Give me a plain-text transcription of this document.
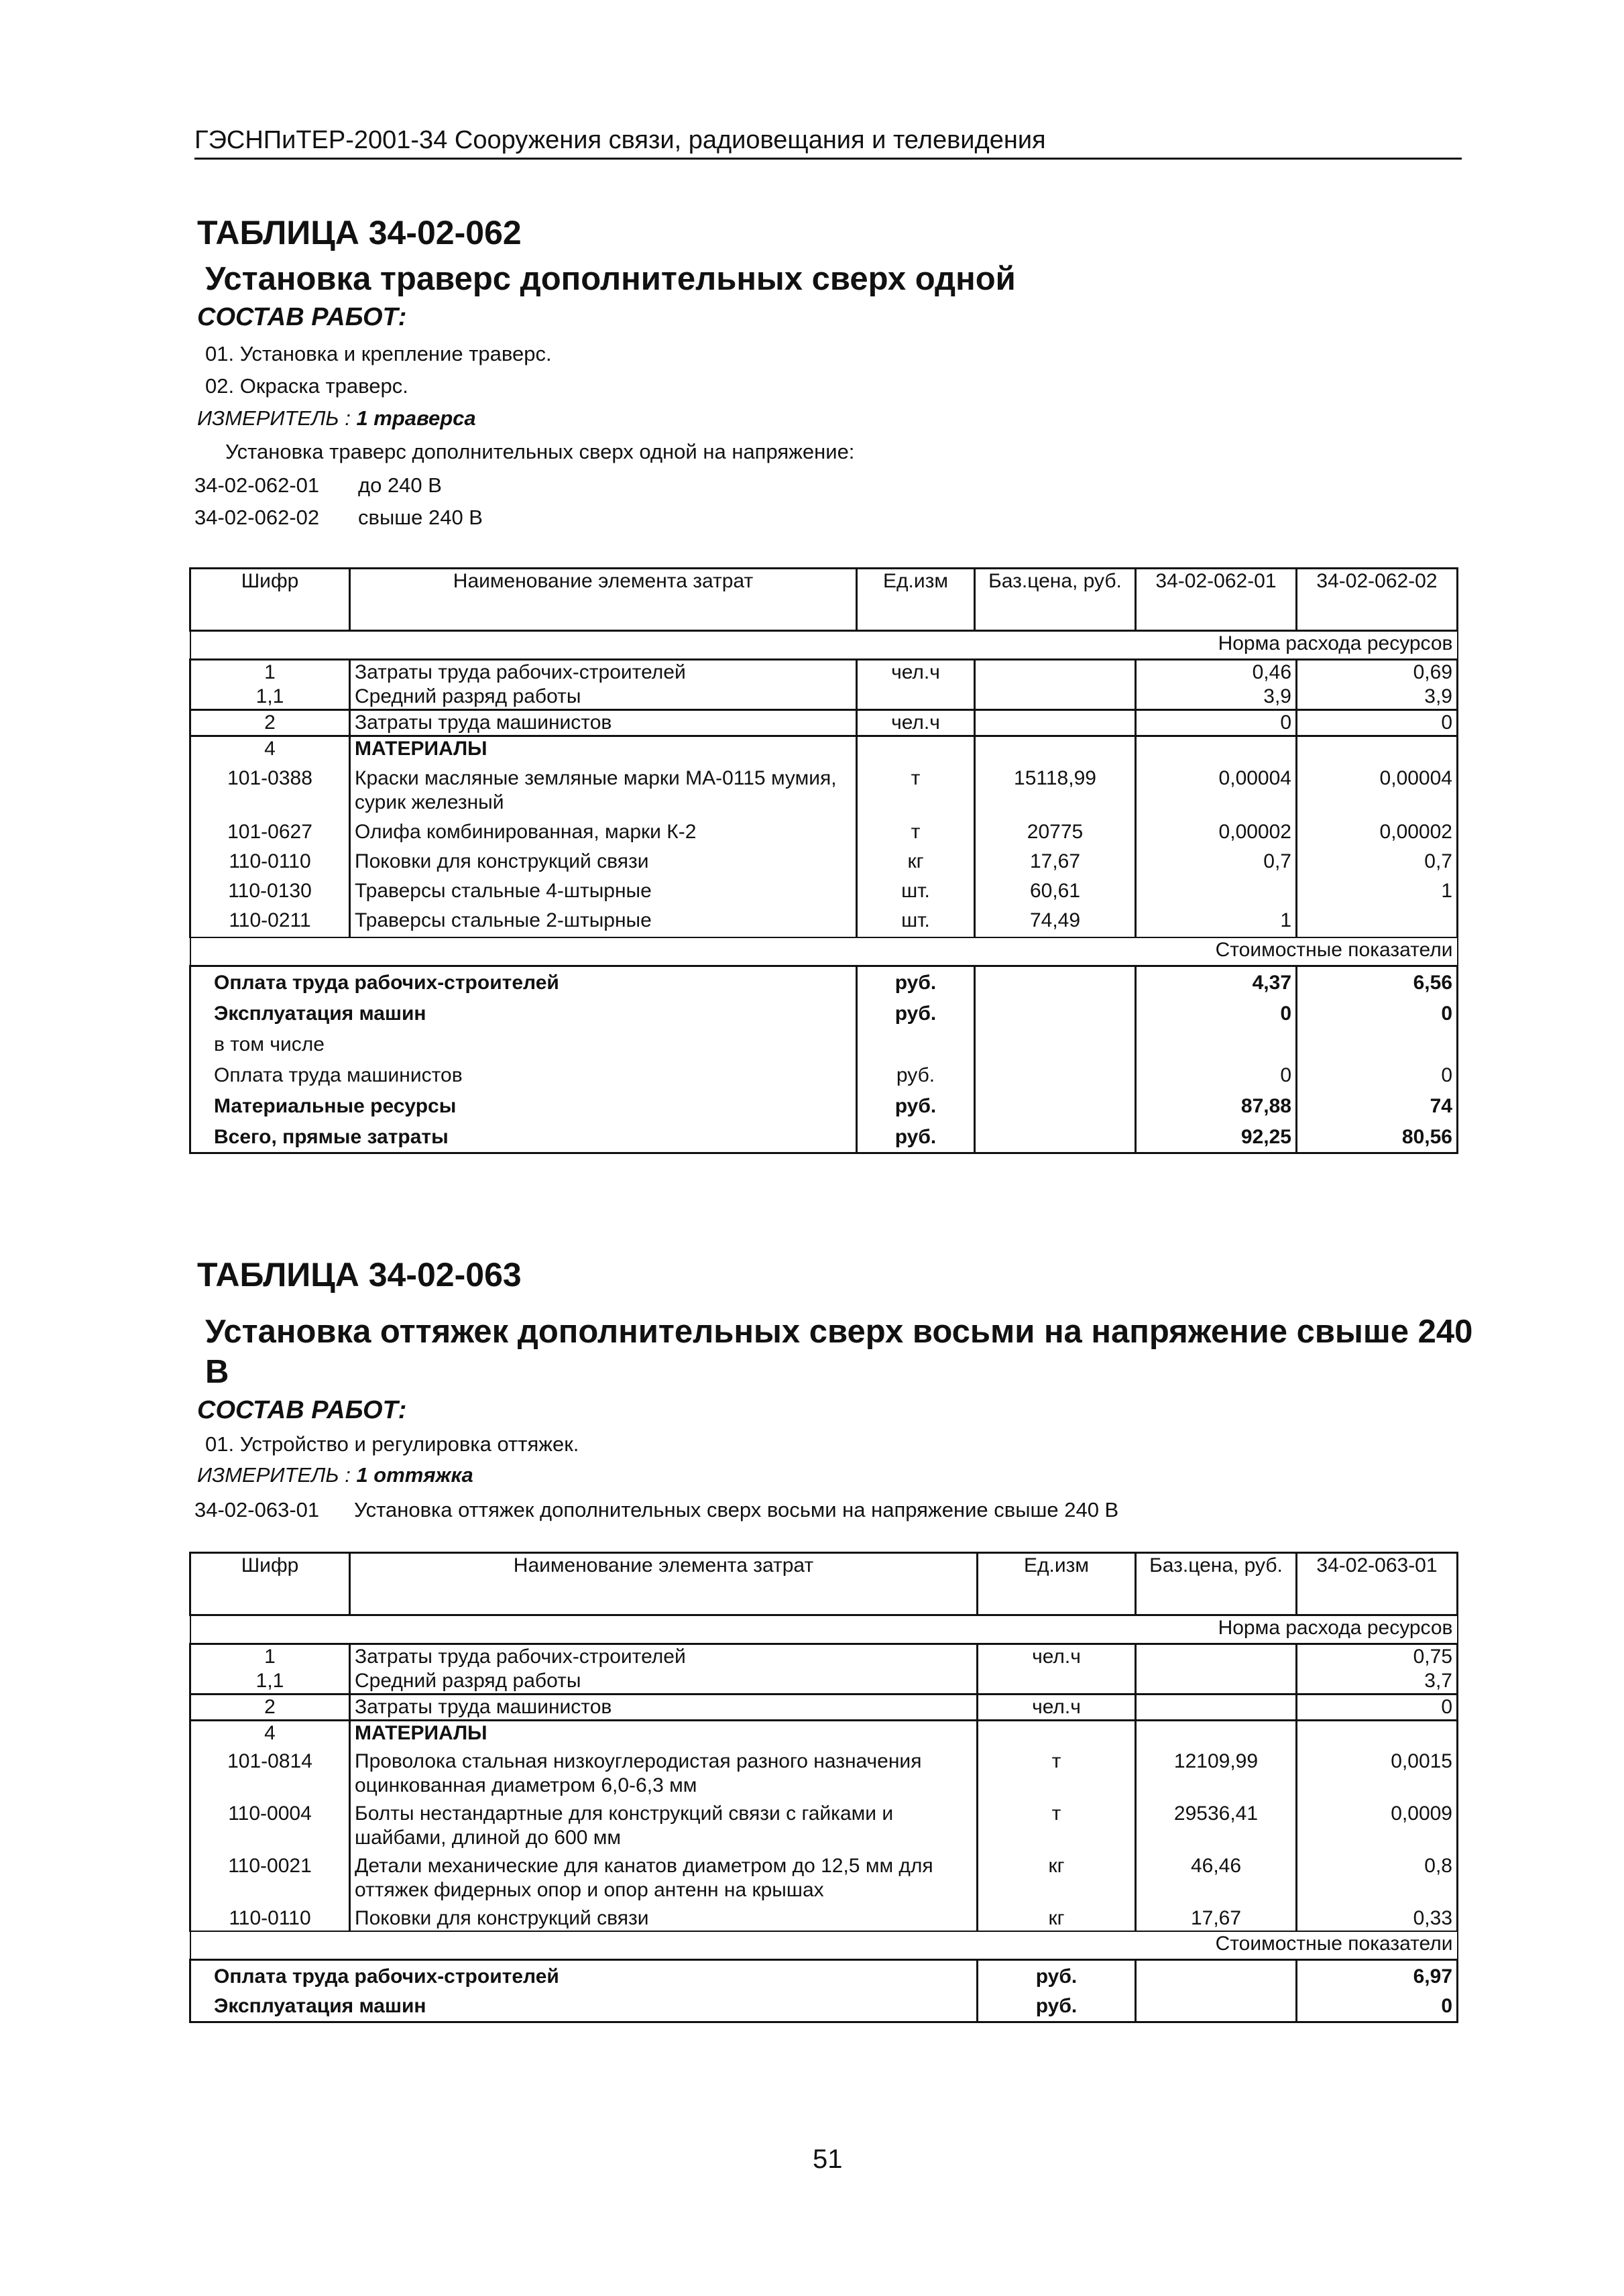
ГЭСНПиТЕР-2001-34 Сооружения связи, радиовещания и телевидения
ТАБЛИЦА 34-02-062
Установка траверс дополнительных сверх одной
СОСТАВ РАБОТ:
01. Установка и крепление траверс.
02. Окраска траверс.
ИЗМЕРИТЕЛЬ : 1 траверса
Установка траверс дополнительных сверх одной на напряжение:
34-02-062-01 до 240 В
34-02-062-02 свыше 240 В
Шифр	Наименование элемента затрат	Ед.изм	Баз.цена, руб.	34-02-062-01	34-02-062-02
Норма расхода ресурсов					
1	Затраты труда рабочих-строителей	чел.ч		0,46	0,69
1,1	Средний разряд работы			3,9	3,9
2	Затраты труда машинистов	чел.ч		0	0
4	МАТЕРИАЛЫ				
101-0388	Краски масляные земляные марки МА-0115 мумия, сурик железный	т	15118,99	0,00004	0,00004
101-0627	Олифа комбинированная, марки К-2	т	20775	0,00002	0,00002
110-0110	Поковки для конструкций связи	кг	17,67	0,7	0,7
110-0130	Траверсы стальные 4-штырные	шт.	60,61		1
110-0211	Траверсы стальные 2-штырные	шт.	74,49	1	
Стоимостные показатели					
Оплата труда рабочих-строителей		руб.		4,37	6,56
Эксплуатация машин		руб.		0	0
в том числе					
Оплата труда машинистов		руб.		0	0
Материальные ресурсы		руб.		87,88	74
Всего, прямые затраты		руб.		92,25	80,56
ТАБЛИЦА 34-02-063
Установка оттяжек дополнительных сверх восьми на напряжение свыше 240 В
СОСТАВ РАБОТ:
01. Устройство и регулировка оттяжек.
ИЗМЕРИТЕЛЬ : 1 оттяжка
34-02-063-01 Установка оттяжек дополнительных сверх восьми на напряжение свыше 240 В
Шифр	Наименование элемента затрат	Ед.изм	Баз.цена, руб.	34-02-063-01
Норма расхода ресурсов				
1	Затраты труда рабочих-строителей	чел.ч		0,75
1,1	Средний разряд работы			3,7
2	Затраты труда машинистов	чел.ч		0
4	МАТЕРИАЛЫ			
101-0814	Проволока стальная низкоуглеродистая разного назначения оцинкованная диаметром 6,0-6,3 мм	т	12109,99	0,0015
110-0004	Болты нестандартные для конструкций связи с гайками и шайбами, длиной до 600 мм	т	29536,41	0,0009
110-0021	Детали механические для канатов диаметром до 12,5 мм для оттяжек фидерных опор и опор антенн на крышах	кг	46,46	0,8
110-0110	Поковки для конструкций связи	кг	17,67	0,33
Стоимостные показатели				
Оплата труда рабочих-строителей		руб.		6,97
Эксплуатация машин		руб.		0
51
